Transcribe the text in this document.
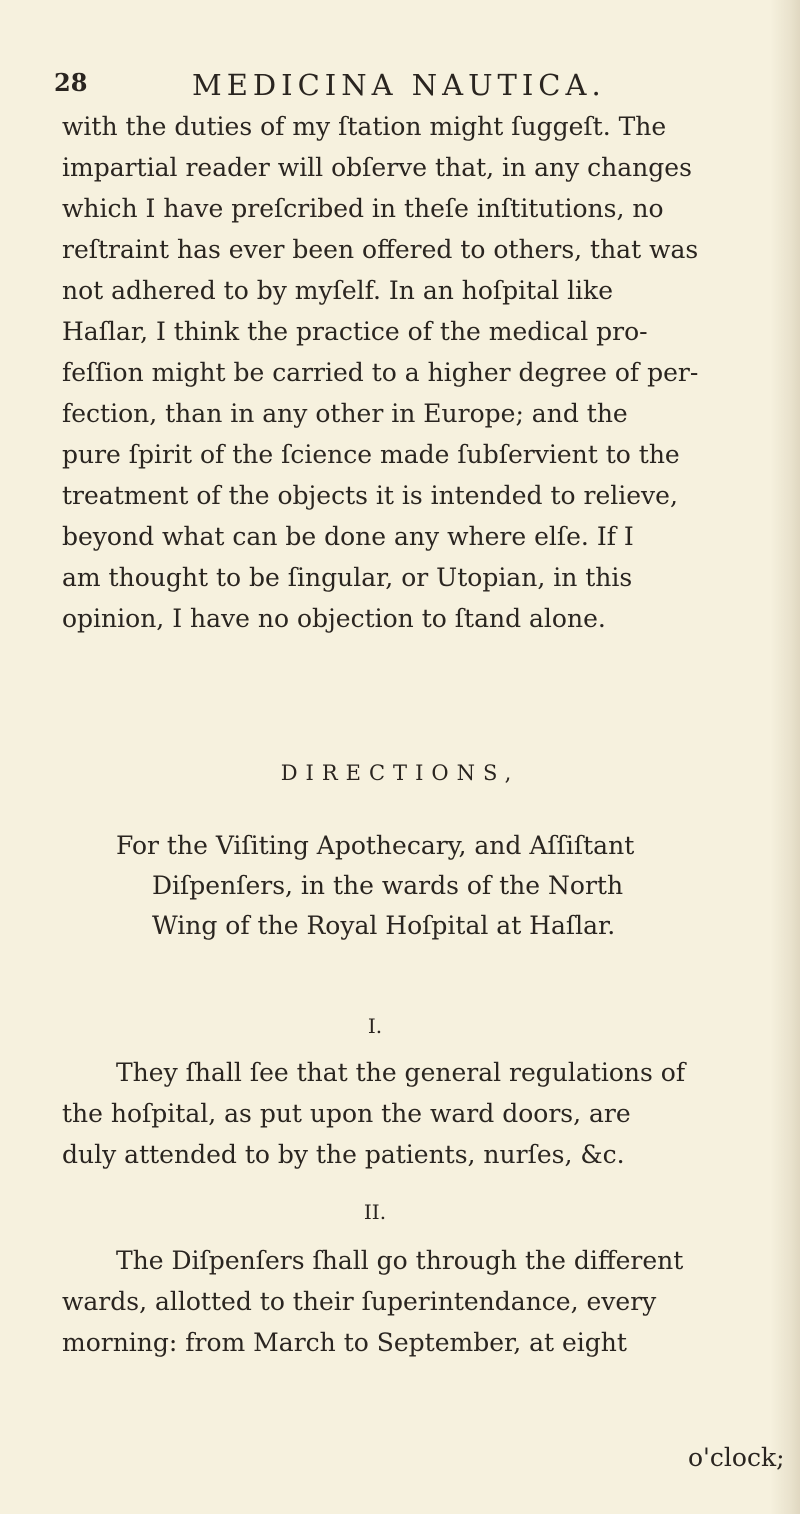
28	MEDICINA NAUTICA.
with the duties of my ſtation might ſuggeſt. The
impartial reader will obſerve that, in any changes
which I have preſcribed in theſe inſtitutions, no
reſtraint has ever been offered to others, that was
not adhered to by myſelf. In an hoſpital like
Haſlar, I think the practice of the medical pro-
feſſion might be carried to a higher degree of per-
fection, than in any other in Europe; and the
pure ſpirit of the ſcience made ſubſervient to the
treatment of the objects it is intended to relieve,
beyond what can be done any where elſe. If I
am thought to be ſingular, or Utopian, in this
opinion, I have no objection to ſtand alone.
DIRECTIONS,
For the Viſiting Apothecary, and Aſſiſtant
Diſpenſers, in the wards of the North
Wing of the Royal Hoſpital at Haſlar.
I.
They ſhall ſee that the general regulations of
the hoſpital, as put upon the ward doors, are
duly attended to by the patients, nurſes, &c.
II.
The Diſpenſers ſhall go through the different
wards, allotted to their ſuperintendance, every
morning: from March to September, at eight
o'clock;
